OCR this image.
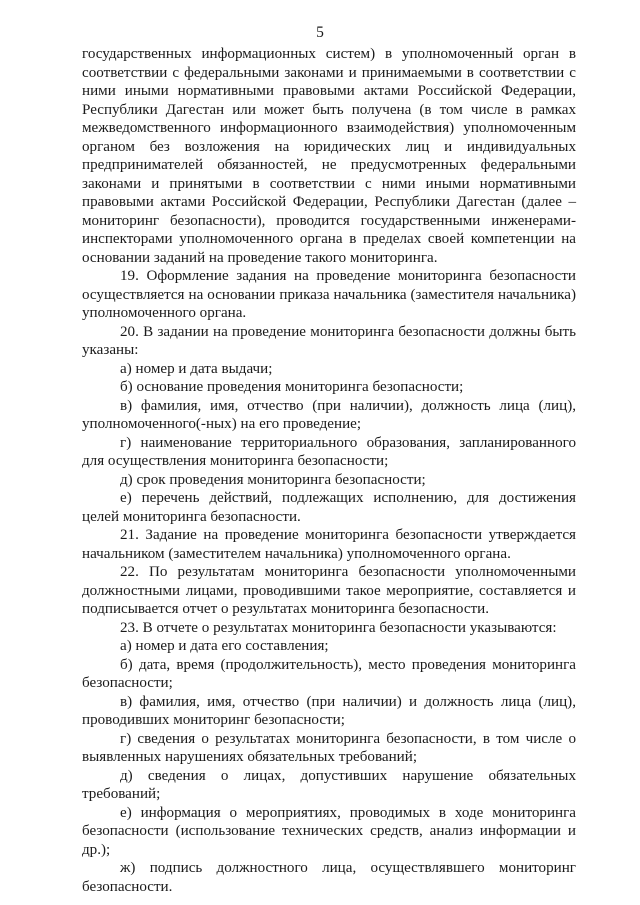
5

государственных информационных систем) в уполномоченный орган в соответствии с федеральными законами и принимаемыми в соответствии с ними иными нормативными правовыми актами Российской Федерации, Республики Дагестан или может быть получена (в том числе в рамках межведомственного информационного взаимодействия) уполномоченным органом без возложения на юридических лиц и индивидуальных предпринимателей обязанностей, не предусмотренных федеральными законами и принятыми в соответствии с ними иными нормативными правовыми актами Российской Федерации, Республики Дагестан (далее – мониторинг безопасности), проводится государственными инженерами-инспекторами уполномоченного органа в пределах своей компетенции на основании заданий на проведение такого мониторинга.

19. Оформление задания на проведение мониторинга безопасности осуществляется на основании приказа начальника (заместителя начальника) уполномоченного органа.

20. В задании на проведение мониторинга безопасности должны быть указаны:

а) номер и дата выдачи;

б) основание проведения мониторинга безопасности;

в) фамилия, имя, отчество (при наличии), должность лица (лиц), уполномоченного(-ных) на его проведение;

г) наименование территориального образования, запланированного для осуществления мониторинга безопасности;

д) срок проведения мониторинга безопасности;

е) перечень действий, подлежащих исполнению, для достижения целей мониторинга безопасности.

21. Задание на проведение мониторинга безопасности утверждается начальником (заместителем начальника) уполномоченного органа.

22. По результатам мониторинга безопасности уполномоченными должностными лицами, проводившими такое мероприятие, составляется и подписывается отчет о результатах мониторинга безопасности.

23. В отчете о результатах мониторинга безопасности указываются:

а) номер и дата его составления;

б) дата, время (продолжительность), место проведения мониторинга безопасности;

в) фамилия, имя, отчество (при наличии) и должность лица (лиц), проводивших мониторинг безопасности;

г) сведения о результатах мониторинга безопасности, в том числе о выявленных нарушениях обязательных требований;

д) сведения о лицах, допустивших нарушение обязательных требований;

е) информация о мероприятиях, проводимых в ходе мониторинга безопасности (использование технических средств, анализ информации и др.);

ж) подпись должностного лица, осуществлявшего мониторинг безопасности.
